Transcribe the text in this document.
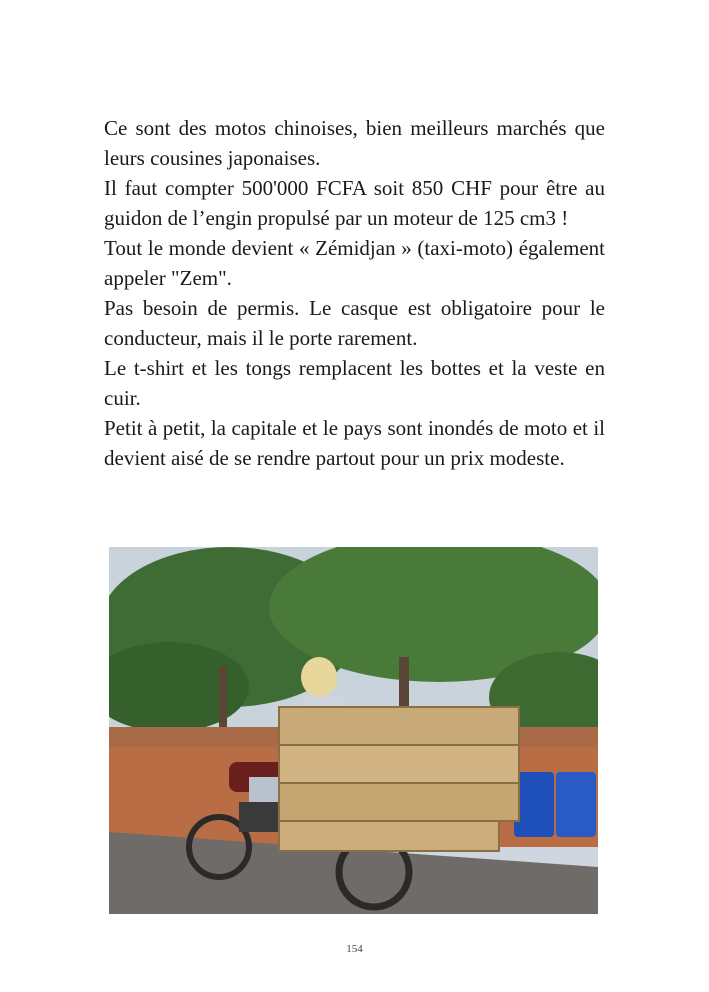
Ce sont des motos chinoises, bien meilleurs marchés que leurs cousines japonaises.

Il faut compter 500'000 FCFA soit 850 CHF pour être au guidon de l’engin propulsé par un moteur de 125 cm3 !

Tout le monde devient « Zémidjan » (taxi-moto) également appeler "Zem".

Pas besoin de permis. Le casque est obligatoire pour le conducteur, mais il le porte rarement.

Le t-shirt et les tongs remplacent les bottes et la veste en cuir.

Petit à petit, la capitale et le pays sont inondés de moto et il devient aisé de se rendre partout pour un prix modeste.

154
